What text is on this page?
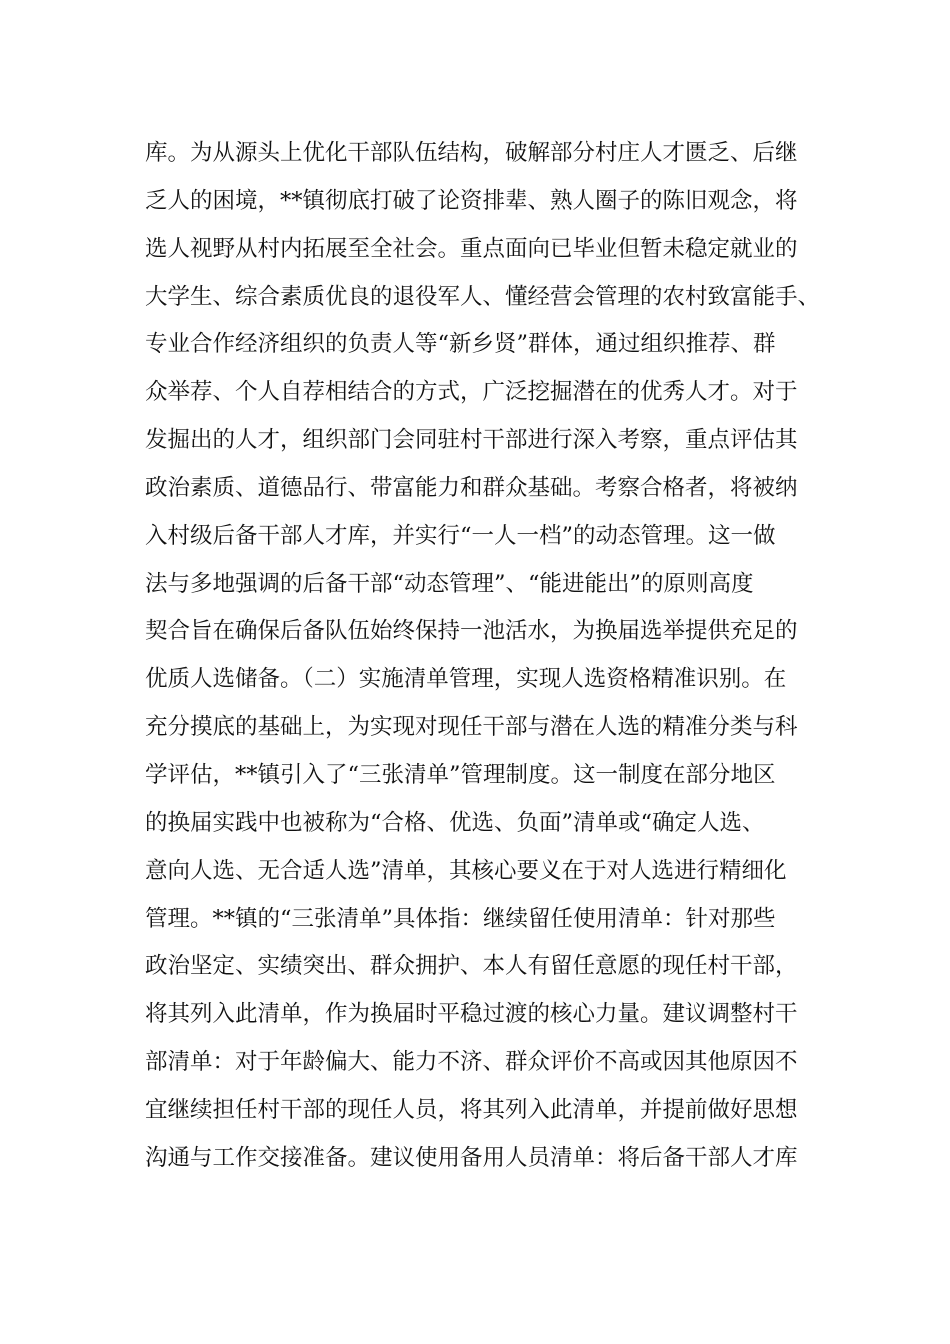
库。为从源头上优化干部队伍结构，破解部分村庄人才匮乏、后继
乏人的困境，**镇彻底打破了论资排辈、熟人圈子的陈旧观念，将
选人视野从村内拓展至全社会。重点面向已毕业但暂未稳定就业的
大学生、综合素质优良的退役军人、懂经营会管理的农村致富能手、
专业合作经济组织的负责人等“新乡贤”群体，通过组织推荐、群
众举荐、个人自荐相结合的方式，广泛挖掘潜在的优秀人才。对于
发掘出的人才，组织部门会同驻村干部进行深入考察，重点评估其
政治素质、道德品行、带富能力和群众基础。考察合格者，将被纳
入村级后备干部人才库，并实行“一人一档”的动态管理。这一做
法与多地强调的后备干部“动态管理”、“能进能出”的原则高度
契合旨在确保后备队伍始终保持一池活水，为换届选举提供充足的
优质人选储备。（二）实施清单管理，实现人选资格精准识别。在
充分摸底的基础上，为实现对现任干部与潜在人选的精准分类与科
学评估，**镇引入了“三张清单”管理制度。这一制度在部分地区
的换届实践中也被称为“合格、优选、负面”清单或“确定人选、
意向人选、无合适人选”清单，其核心要义在于对人选进行精细化
管理。**镇的“三张清单”具体指：继续留任使用清单：针对那些
政治坚定、实绩突出、群众拥护、本人有留任意愿的现任村干部，
将其列入此清单，作为换届时平稳过渡的核心力量。建议调整村干
部清单：对于年龄偏大、能力不济、群众评价不高或因其他原因不
宜继续担任村干部的现任人员，将其列入此清单，并提前做好思想
沟通与工作交接准备。建议使用备用人员清单：将后备干部人才库
